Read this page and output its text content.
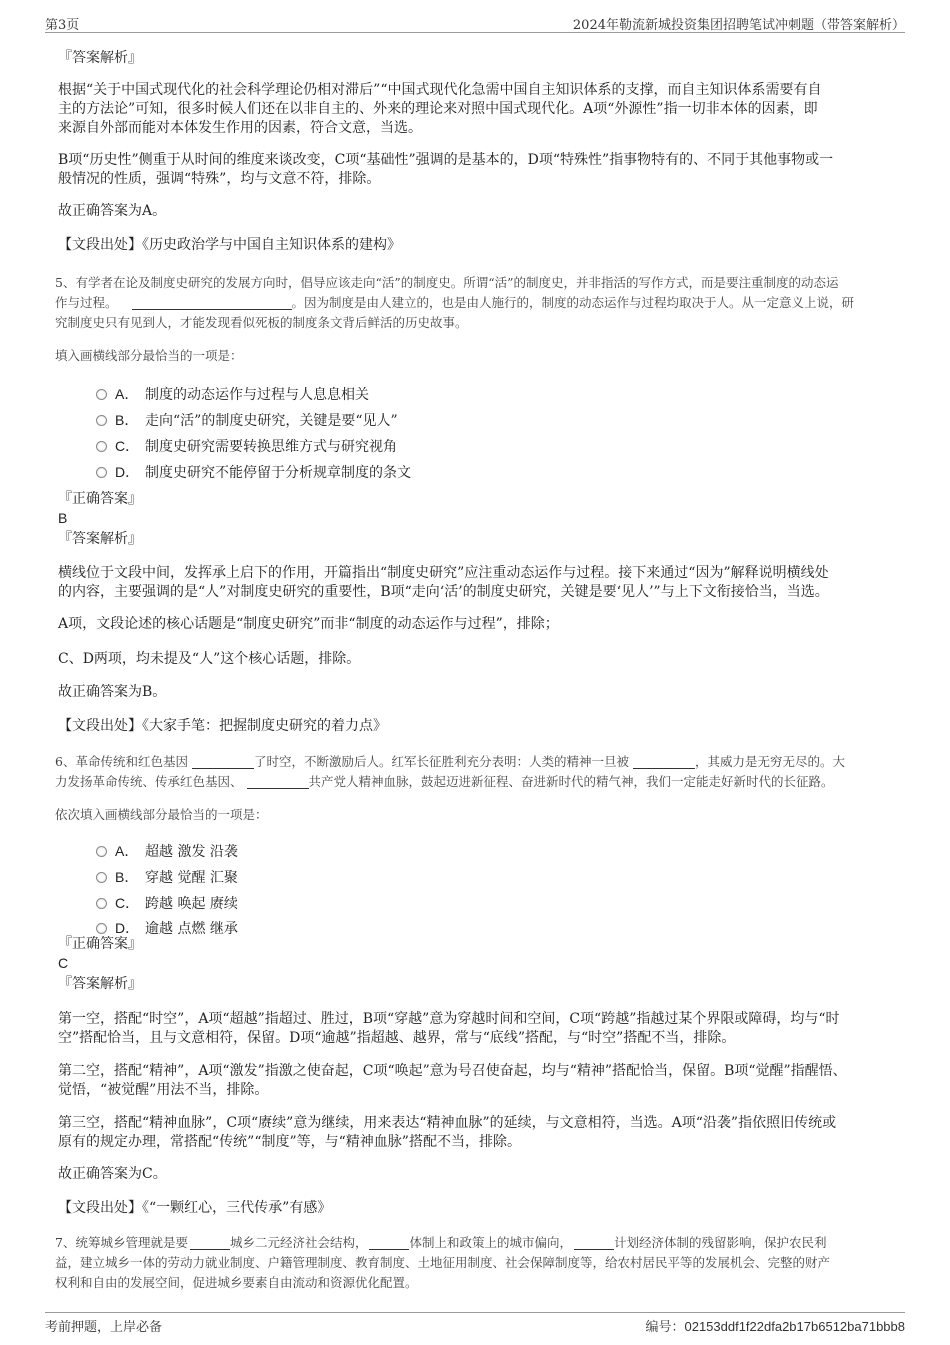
第3页	2024年勒流新城投资集团招聘笔试冲刺题（带答案解析）
『答案解析』
根据“关于中国式现代化的社会科学理论仍相对滞后”“中国式现代化急需中国自主知识体系的支撑，而自主知识体系需要有自
主的方法论”可知，很多时候人们还在以非自主的、外来的理论来对照中国式现代化。A项“外源性”指一切非本体的因素，即
来源自外部而能对本体发生作用的因素，符合文意，当选。
B项“历史性”侧重于从时间的维度来谈改变，C项“基础性”强调的是基本的，D项“特殊性”指事物特有的、不同于其他事物或一
般情况的性质，强调“特殊”，均与文意不符，排除。
故正确答案为A。
【文段出处】《历史政治学与中国自主知识体系的建构》
5、有学者在论及制度史研究的发展方向时，倡导应该走向“活”的制度史。所谓“活”的制度史，并非指活的写作方式，而是要注重制度的动态运
作与过程。	。因为制度是由人建立的，也是由人施行的，制度的动态运作与过程均取决于人。从一定意义上说，研
究制度史只有见到人，才能发现看似死板的制度条文背后鲜活的历史故事。
填入画横线部分最恰当的一项是：
A． 制度的动态运作与过程与人息息相关
B． 走向“活”的制度史研究，关键是要“见人”
C． 制度史研究需要转换思维方式与研究视角
D． 制度史研究不能停留于分析规章制度的条文
『正确答案』
B
『答案解析』
横线位于文段中间，发挥承上启下的作用，开篇指出“制度史研究”应注重动态运作与过程。接下来通过“因为”解释说明横线处
的内容，主要强调的是“人”对制度史研究的重要性，B项“走向‘活’的制度史研究，关键是要‘见人’”与上下文衔接恰当，当选。
A项，文段论述的核心话题是“制度史研究”而非“制度的动态运作与过程”，排除；
C、D两项，均未提及“人”这个核心话题，排除。
故正确答案为B。
【文段出处】《大家手笔：把握制度史研究的着力点》
6、革命传统和红色基因	了时空，不断激励后人。红军长征胜利充分表明：人类的精神一旦被	，其威力是无穷无尽的。大
力发扬革命传统、传承红色基因、	共产党人精神血脉，鼓起迈进新征程、奋进新时代的精气神，我们一定能走好新时代的长征路。
依次填入画横线部分最恰当的一项是：
A． 超越 激发 沿袭
B． 穿越 觉醒 汇聚
C． 跨越 唤起 赓续
D． 逾越 点燃 继承
『正确答案』
C
『答案解析』
第一空，搭配“时空”，A项“超越”指超过、胜过，B项“穿越”意为穿越时间和空间，C项“跨越”指越过某个界限或障碍，均与“时
空”搭配恰当，且与文意相符，保留。D项“逾越”指超越、越界，常与“底线”搭配，与“时空”搭配不当，排除。
第二空，搭配“精神”，A项“激发”指激之使奋起，C项“唤起”意为号召使奋起，均与“精神”搭配恰当，保留。B项“觉醒”指醒悟、
觉悟，“被觉醒”用法不当，排除。
第三空，搭配“精神血脉”，C项“赓续”意为继续，用来表达“精神血脉”的延续，与文意相符，当选。A项“沿袭”指依照旧传统或
原有的规定办理，常搭配“传统”“制度”等，与“精神血脉”搭配不当，排除。
故正确答案为C。
【文段出处】《“一颗红心，三代传承”有感》
7、统筹城乡管理就是要	城乡二元经济社会结构，	体制上和政策上的城市偏向，	计划经济体制的残留影响，保护农民利
益，建立城乡一体的劳动力就业制度、户籍管理制度、教育制度、土地征用制度、社会保障制度等，给农村居民平等的发展机会、完整的财产
权利和自由的发展空间，促进城乡要素自由流动和资源优化配置。
考前押题，上岸必备	编号：02153ddf1f22dfa2b17b6512ba71bbb8
